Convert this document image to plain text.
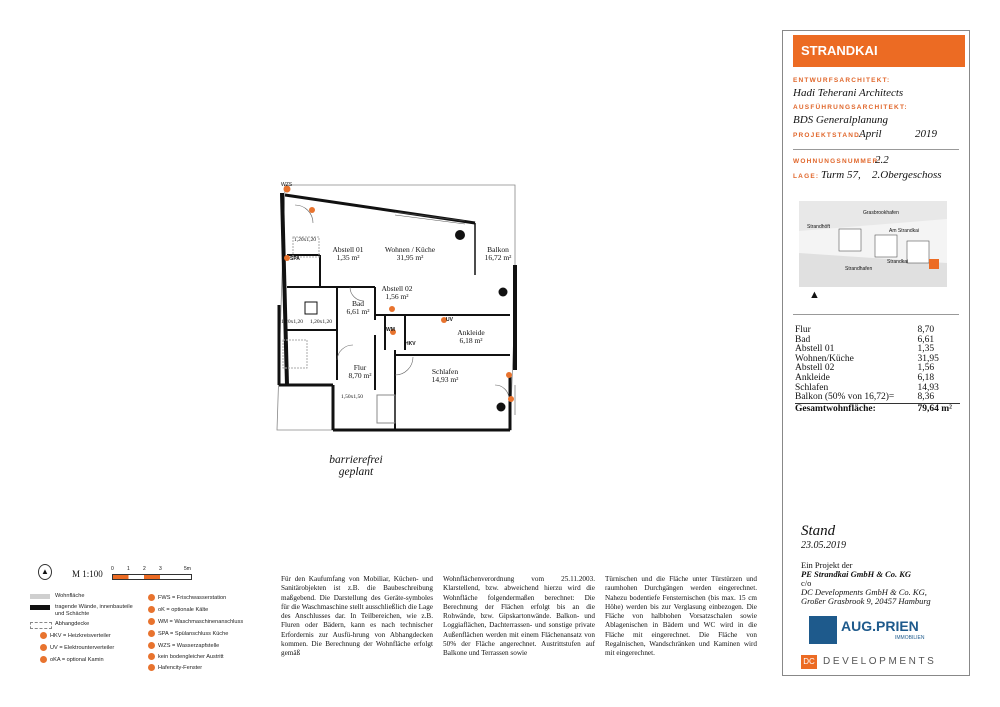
WZS
Abstell 01
1,35 m²
Wohnen / Küche
31,95 m²
Balkon
16,72 m²
Abstell 02
1,56 m²
Bad
6,61 m²
Ankleide
6,18 m²
Flur
8,70 m²	Schlafen
14,93 m²
1,20x1,20
1,20x1,20 1,20x1,20
1,50x1,50
SPA
WM
UV
HKV
barrierefrei
geplant
STRANDKAI
ENTWURFSARCHITEKT:
Hadi Teherani Architects
AUSFÜHRUNGSARCHITEKT:
BDS Generalplanung
PROJEKTSTAND:
April	2019
WOHNUNGSNUMMER:
2.2
LAGE: Turm 57, 2.Obergeschoss
Grasbrookhafen
Strandhöft
Am Strandkai
Strandhafen
Strandkai
▲
Flur	8,70
Bad	6,61
Abstell 01	1,35
Wohnen/Küche	31,95
Abstell 02	1,56
Ankleide	6,18
Schlafen	14,93
Balkon (50% von 16,72)=	8,36
Gesamtwohnfläche:	79,64 m²
Stand
23.05.2019
Ein Projekt der
PE Strandkai GmbH & Co. KG
c/o
DC Developments GmbH & Co. KG,
Großer Grasbrook 9, 20457 Hamburg
AUG.PRIEN
IMMOBILIEN
DC DEVELOPMENTS
▲	M 1:100 0	1	2	3	5m
Wohnfläche
tragende Wände, innenbauteile und Schächte
Abhangdecke
HKV = Heizkreisverteiler
UV = Elektrounterverteiler
oKA = optional Kamin
FWS = Frischwasserstation
oK = optionale Kälte
WM = Waschmaschinenanschluss
SPA = Spülanschluss Küche
WZS = Wasserzapfstelle
kein bodengleicher Austritt
Hafencity-Fenster
Für den Kaufumfang von Mobiliar, Küchen- und Sanitärobjekten ist z.B. die Baubeschreibung maßgebend. Die Darstellung des Geräte-symboles für die Waschmaschine stellt ausschließlich die Lage des Anschlusses dar. In Teilbereichen, wie z.B. Fluren oder Bädern, kann es nach technischer Erfordernis zur Ausfü-hrung von Abhangdecken kommen. Die Berechnung der Wohnfläche erfolgt gemäß
Wohnflächenverordnung vom 25.11.2003. Klarstellend, bzw. abweichend hierzu wird die Wohnfläche folgendermaßen berechnet: Die Berechnung der Flächen erfolgt bis an die Rohwände, bzw. Gipskartonwände. Balkon- und Loggiaflächen, Dachterrassen- und sonstige private Außenflächen werden mit einem Flächenansatz von 50% der Fläche angerechnet. Austrittstufen auf Balkone und Terrassen sowie
Türnischen und die Fläche unter Türstürzen und raumhohen Durchgängen werden eingerechnet. Nahezu bodentiefe Fensternischen (bis max. 15 cm Höhe) werden bis zur Verglasung einbezogen. Die Fläche von halbhohen Vorsatzschalen sowie Ablagenischen in Bädern und WC wird in die Fläche mit eingerechnet. Die Fläche von Regalnischen, Wandschränken und Kaminen wird mit eingerechnet.
